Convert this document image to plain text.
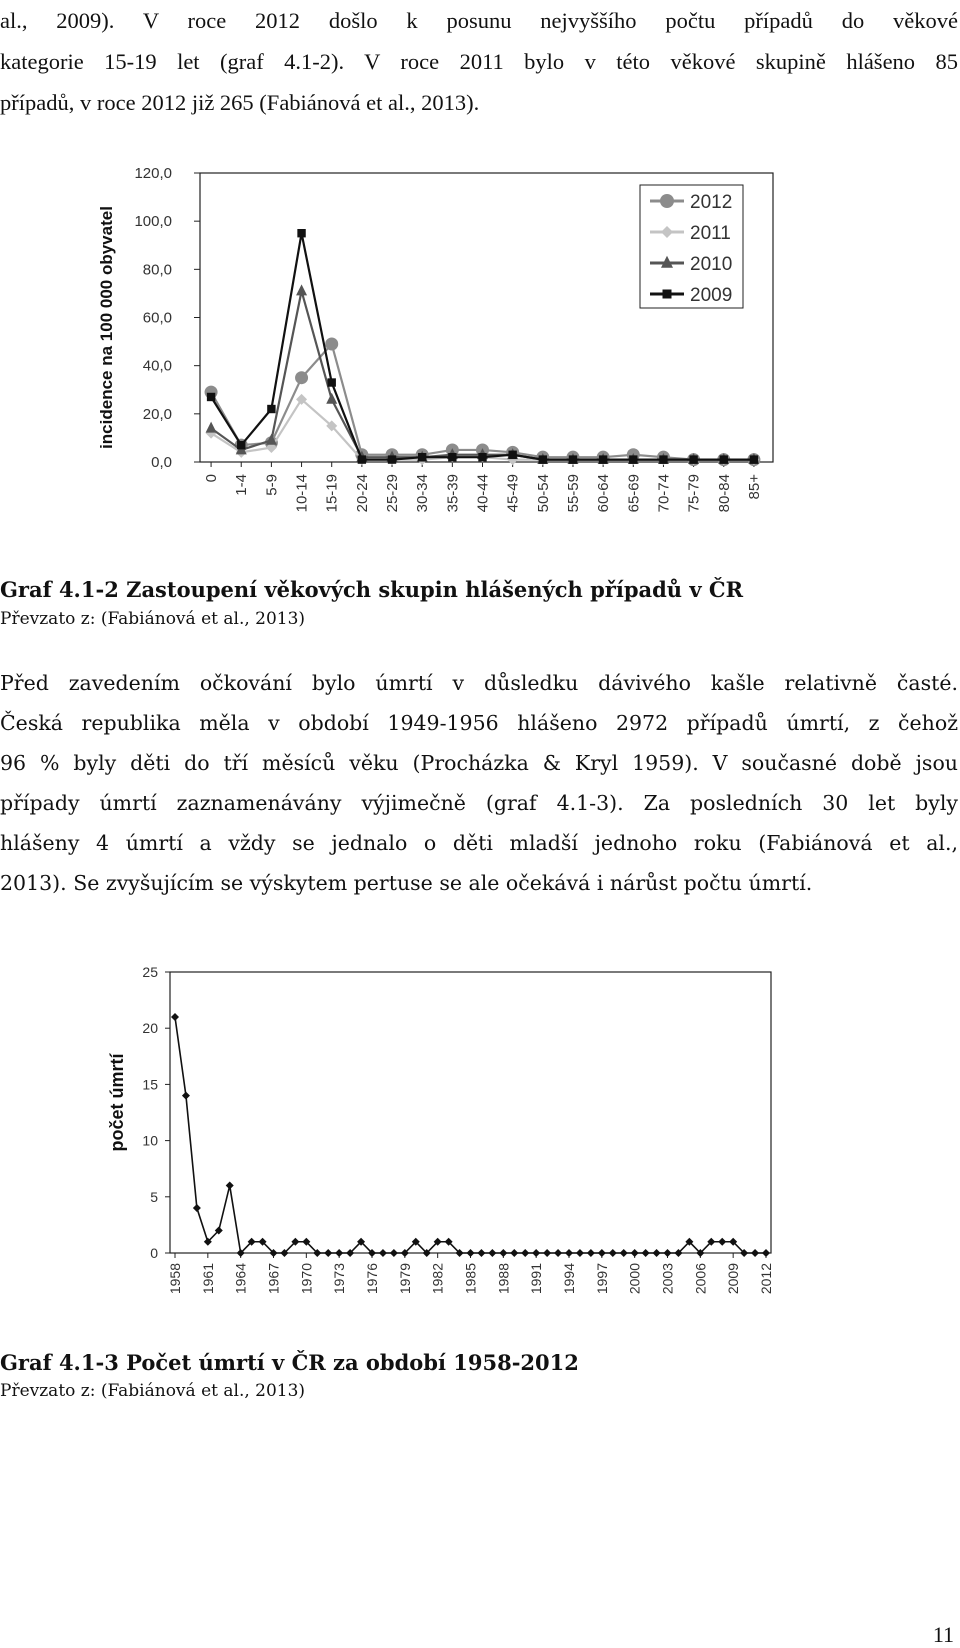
al., 2009). V roce 2012 došlo k posunu nejvyššího počtu případů do věkové
kategorie 15-19 let (graf 4.1-2). V roce 2011 bylo v této věkové skupině hlášeno 85
případů, v roce 2012 již 265 (Fabiánová et al., 2013).
incidence na 100 000 obyvatel
0,0
20,0
40,0
60,0
80,0
100,0
120,0
0 1-4 5-9 10-14 15-19 20-24 25-29 30-34 35-39 40-44 45-49 50-54 55-59 60-64 65-69 70-74 75-79 80-84 85+
2012
2011
2010
2009
Graf 4.1-2 Zastoupení věkových skupin hlášených případů v ČR
Převzato z: (Fabiánová et al., 2013)
Před zavedením očkování bylo úmrtí v důsledku dávivého kašle relativně časté.
Česká republika měla v období 1949-1956 hlášeno 2972 případů úmrtí, z čehož
96 % byly děti do tří měsíců věku (Procházka & Kryl 1959). V současné době jsou
případy úmrtí zaznamenávány výjimečně (graf 4.1-3). Za posledních 30 let byly
hlášeny 4 úmrtí a vždy se jednalo o děti mladší jednoho roku (Fabiánová et al.,
2013). Se zvyšujícím se výskytem pertuse se ale očekává i nárůst počtu úmrtí.
počet úmrtí
0
5
10
15
20
25
1958 1961 1964 1967 1970 1973 1976 1979 1982 1985 1988 1991 1994 1997 2000 2003 2006 2009 2012
Graf 4.1-3 Počet úmrtí v ČR za období 1958-2012
Převzato z: (Fabiánová et al., 2013)
11
